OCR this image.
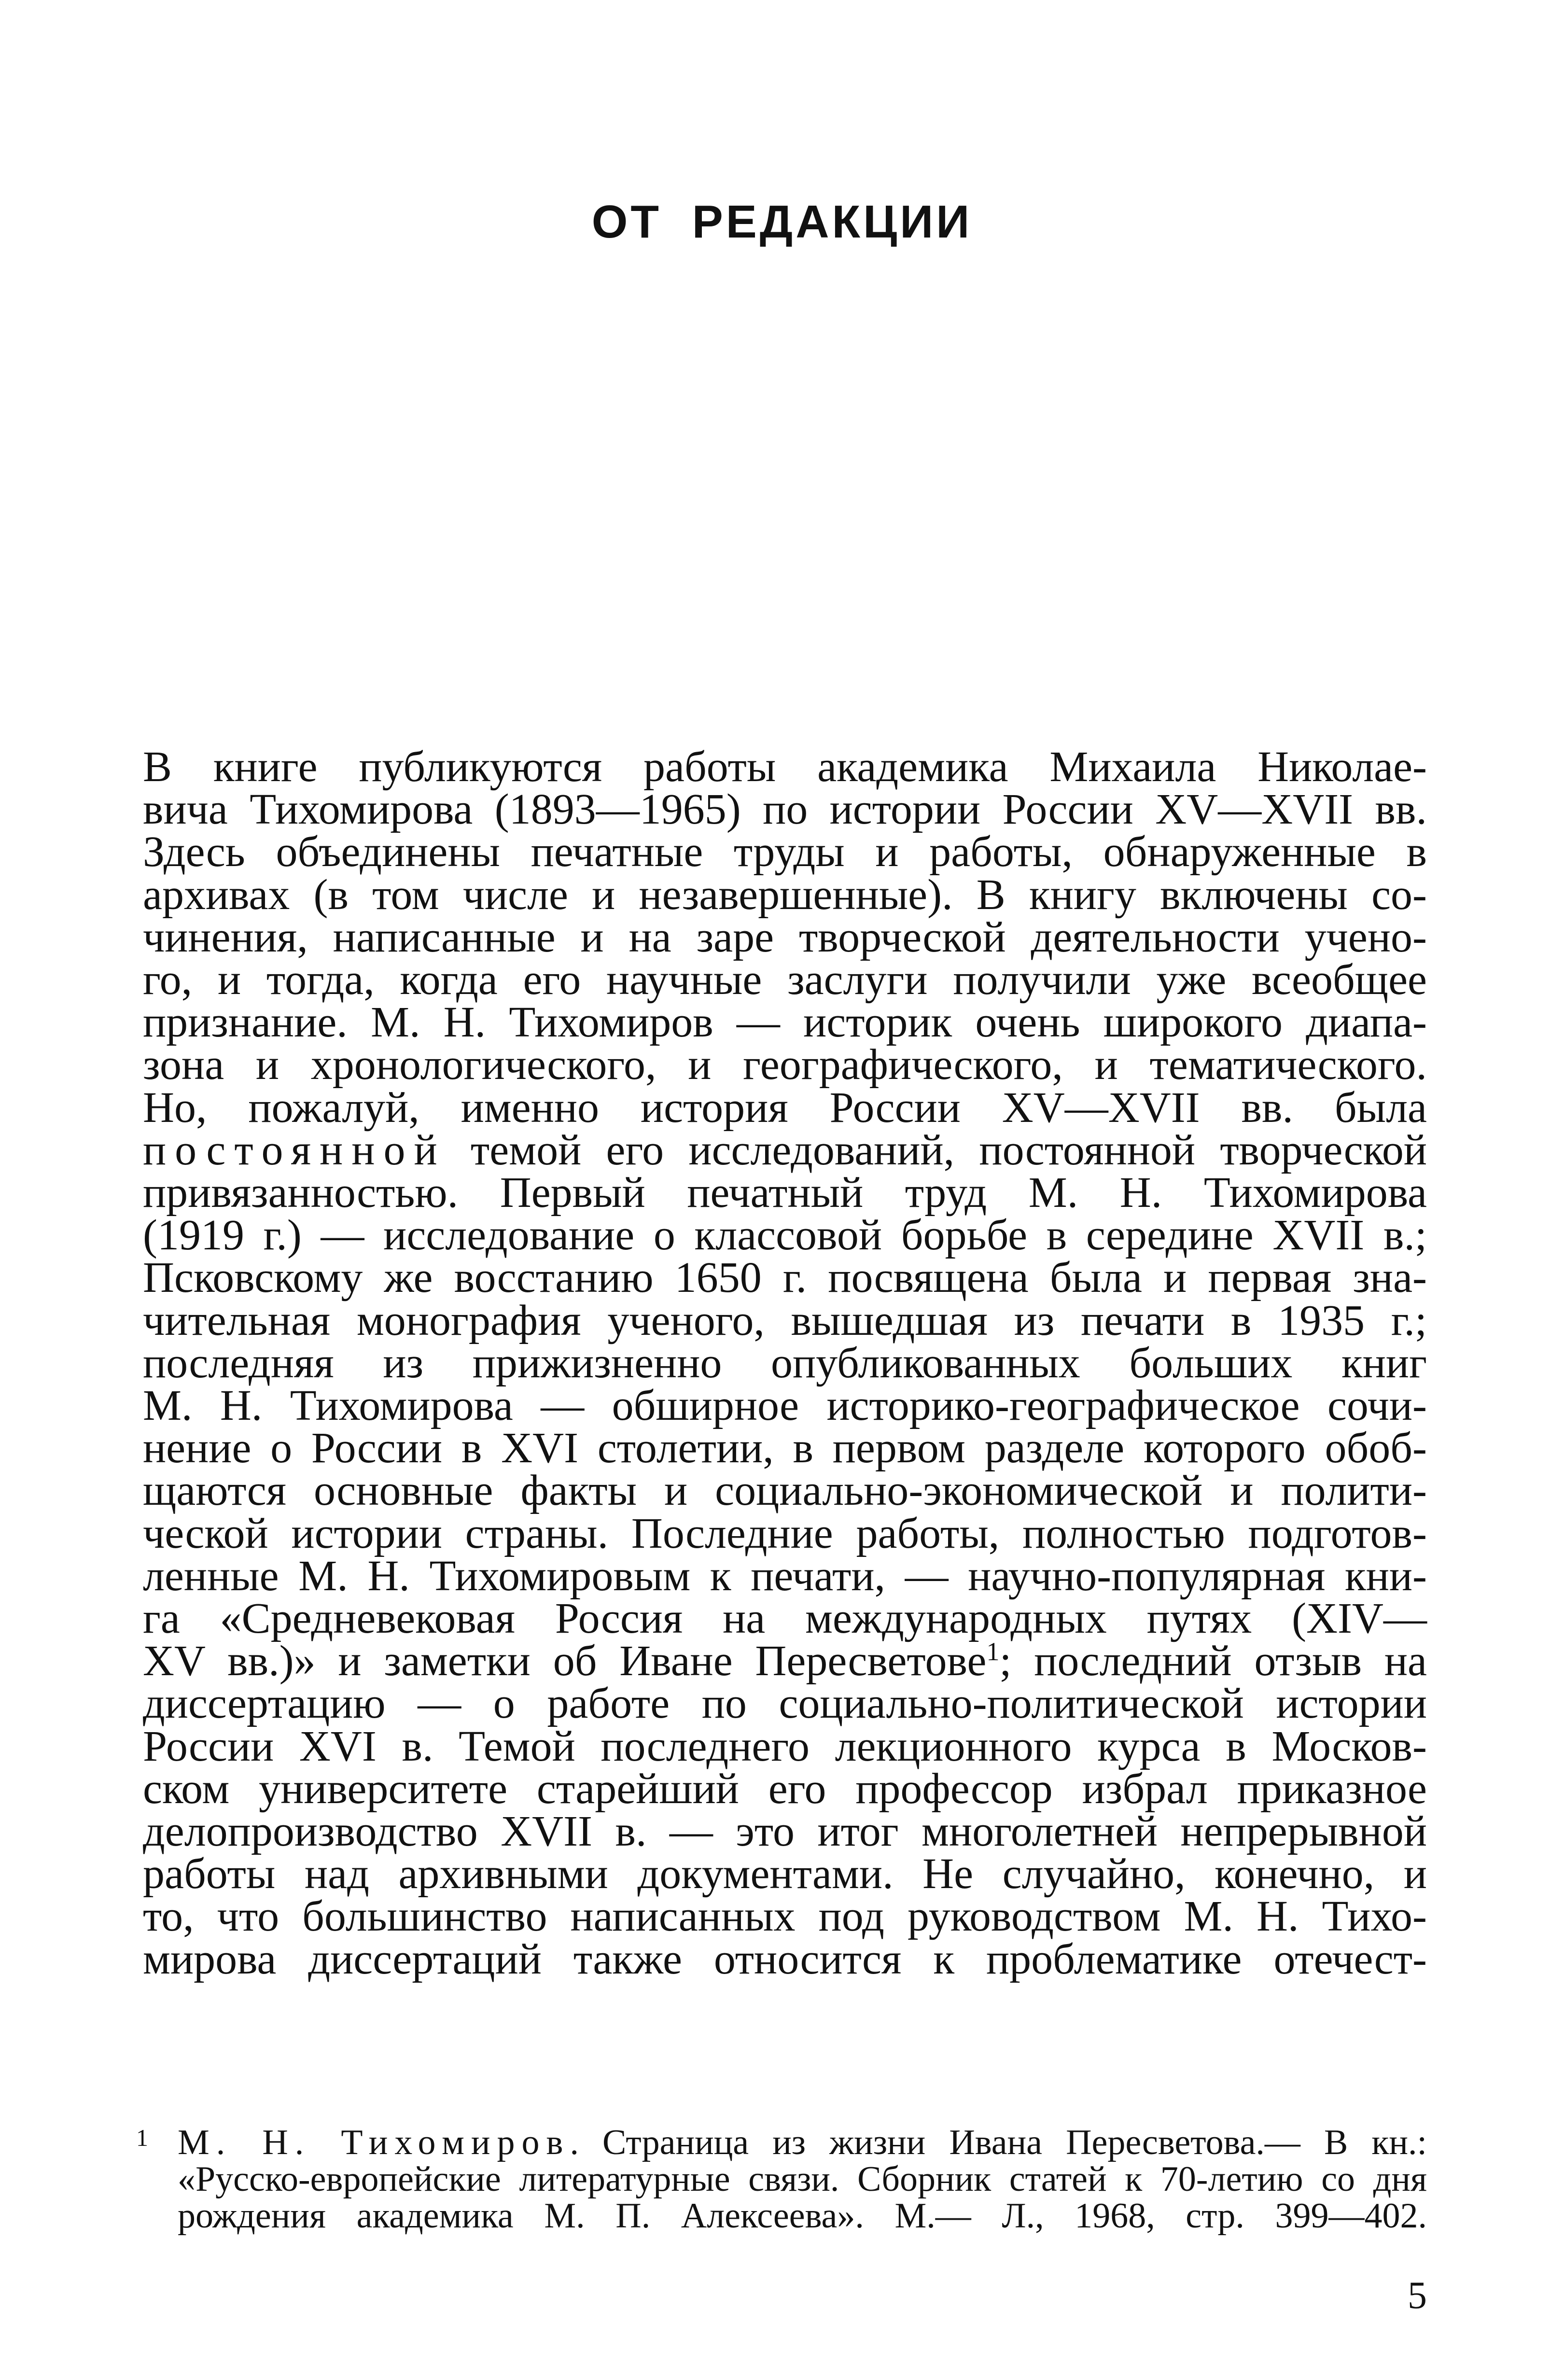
ОТ РЕДАКЦИИ
В книге публикуются работы академика Михаила Николае-
вича Тихомирова (1893—1965) по истории России XV—XVII вв.
Здесь объединены печатные труды и работы, обнаруженные в
архивах (в том числе и незавершенные). В книгу включены со-
чинения, написанные и на заре творческой деятельности учено-
го, и тогда, когда его научные заслуги получили уже всеобщее
признание. М. Н. Тихомиров — историк очень широкого диапа-
зона и хронологического, и географического, и тематического.
Но, пожалуй, именно история России XV—XVII вв. была
постоянной темой его исследований, постоянной творческой
привязанностью. Первый печатный труд М. Н. Тихомирова
(1919 г.) — исследование о классовой борьбе в середине XVII в.;
Псковскому же восстанию 1650 г. посвящена была и первая зна-
чительная монография ученого, вышедшая из печати в 1935 г.;
последняя из прижизненно опубликованных больших книг
М. Н. Тихомирова — обширное историко-географическое сочи-
нение о России в XVI столетии, в первом разделе которого обоб-
щаются основные факты и социально-экономической и полити-
ческой истории страны. Последние работы, полностью подготов-
ленные М. Н. Тихомировым к печати, — научно-популярная кни-
га «Средневековая Россия на международных путях (XIV—
XV вв.)» и заметки об Иване Пересветове$^1$; последний отзыв на
диссертацию — о работе по социально-политической истории
России XVI в. Темой последнего лекционного курса в Москов-
ском университете старейший его профессор избрал приказное
делопроизводство XVII в. — это итог многолетней непрерывной
работы над архивными документами. Не случайно, конечно, и
то, что большинство написанных под руководством М. Н. Тихо-
мирова диссертаций также относится к проблематике отечест-
1 М. Н. Тихомиров. Страница из жизни Ивана Пересветова.— В кн.:
«Русско-европейские литературные связи. Сборник статей к 70-летию со дня
рождения академика М. П. Алексеева». М.— Л., 1968, стр. 399—402.
5
